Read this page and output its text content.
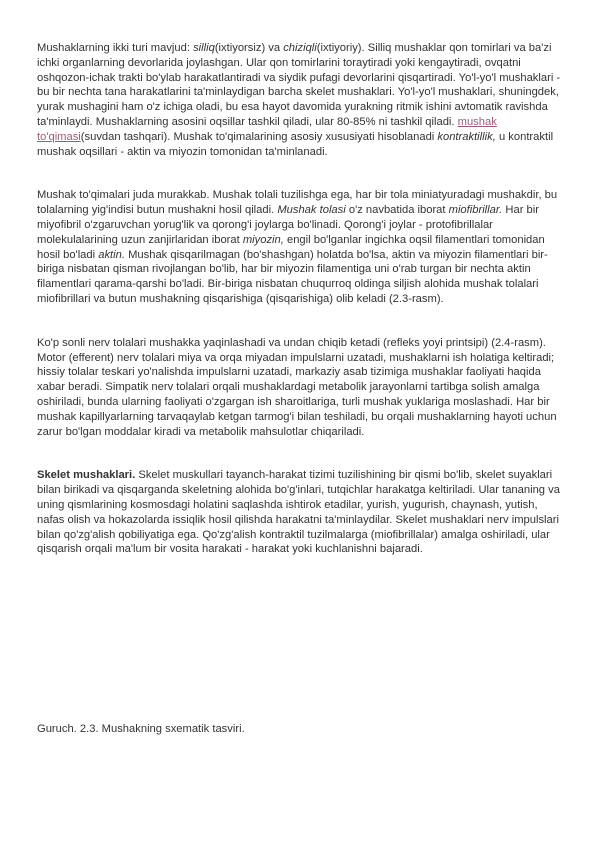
Mushaklarning ikki turi mavjud: silliq(ixtiyorsiz) va chiziqli(ixtiyoriy). Silliq mushaklar qon tomirlari va ba'zi ichki organlarning devorlarida joylashgan. Ular qon tomirlarini toraytiradi yoki kengaytiradi, ovqatni oshqozon-ichak trakti bo'ylab harakatlantiradi va siydik pufagi devorlarini qisqartiradi. Yo'l-yo'l mushaklari - bu bir nechta tana harakatlarini ta'minlaydigan barcha skelet mushaklari. Yo'l-yo'l mushaklari, shuningdek, yurak mushagini ham o'z ichiga oladi, bu esa hayot davomida yurakning ritmik ishini avtomatik ravishda ta'minlaydi. Mushaklarning asosini oqsillar tashkil qiladi, ular 80-85% ni tashkil qiladi. mushak to'qimasi(suvdan tashqari). Mushak to'qimalarining asosiy xususiyati hisoblanadi kontraktillik, u kontraktil mushak oqsillari - aktin va miyozin tomonidan ta'minlanadi.

Mushak to'qimalari juda murakkab. Mushak tolali tuzilishga ega, har bir tola miniatyuradagi mushakdir, bu tolalarning yig'indisi butun mushakni hosil qiladi. Mushak tolasi o'z navbatida iborat miofibrillar. Har bir miyofibril o'zgaruvchan yorug'lik va qorong'i joylarga bo'linadi. Qorong'i joylar - protofibrillalar molekulalarining uzun zanjirlaridan iborat miyozin, engil bo'lganlar ingichka oqsil filamentlari tomonidan hosil bo'ladi aktin. Mushak qisqarilmagan (bo'shashgan) holatda bo'lsa, aktin va miyozin filamentlari bir-biriga nisbatan qisman rivojlangan bo'lib, har bir miyozin filamentiga uni o'rab turgan bir nechta aktin filamentlari qarama-qarshi bo'ladi. Bir-biriga nisbatan chuqurroq oldinga siljish alohida mushak tolalari miofibrillari va butun mushakning qisqarishiga (qisqarishiga) olib keladi (2.3-rasm).

Ko'p sonli nerv tolalari mushakka yaqinlashadi va undan chiqib ketadi (refleks yoyi printsipi) (2.4-rasm). Motor (efferent) nerv tolalari miya va orqa miyadan impulslarni uzatadi, mushaklarni ish holatiga keltiradi; hissiy tolalar teskari yo'nalishda impulslarni uzatadi, markaziy asab tizimiga mushaklar faoliyati haqida xabar beradi. Simpatik nerv tolalari orqali mushaklardagi metabolik jarayonlarni tartibga solish amalga oshiriladi, bunda ularning faoliyati o'zgargan ish sharoitlariga, turli mushak yuklariga moslashadi. Har bir mushak kapillyarlarning tarvaqaylab ketgan tarmog'i bilan teshiladi, bu orqali mushaklarning hayoti uchun zarur bo'lgan moddalar kiradi va metabolik mahsulotlar chiqariladi.

Skelet mushaklari. Skelet muskullari tayanch-harakat tizimi tuzilishining bir qismi bo'lib, skelet suyaklari bilan birikadi va qisqarganda skeletning alohida bo'g'inlari, tutqichlar harakatga keltiriladi. Ular tananing va uning qismlarining kosmosdagi holatini saqlashda ishtirok etadilar, yurish, yugurish, chaynash, yutish, nafas olish va hokazolarda issiqlik hosil qilishda harakatni ta'minlaydilar. Skelet mushaklari nerv impulslari bilan qo'zg'alish qobiliyatiga ega. Qo'zg'alish kontraktil tuzilmalarga (miofibrillalar) amalga oshiriladi, ular qisqarish orqali ma'lum bir vosita harakati - harakat yoki kuchlanishni bajaradi.

Guruch. 2.3. Mushakning sxematik tasviri.
